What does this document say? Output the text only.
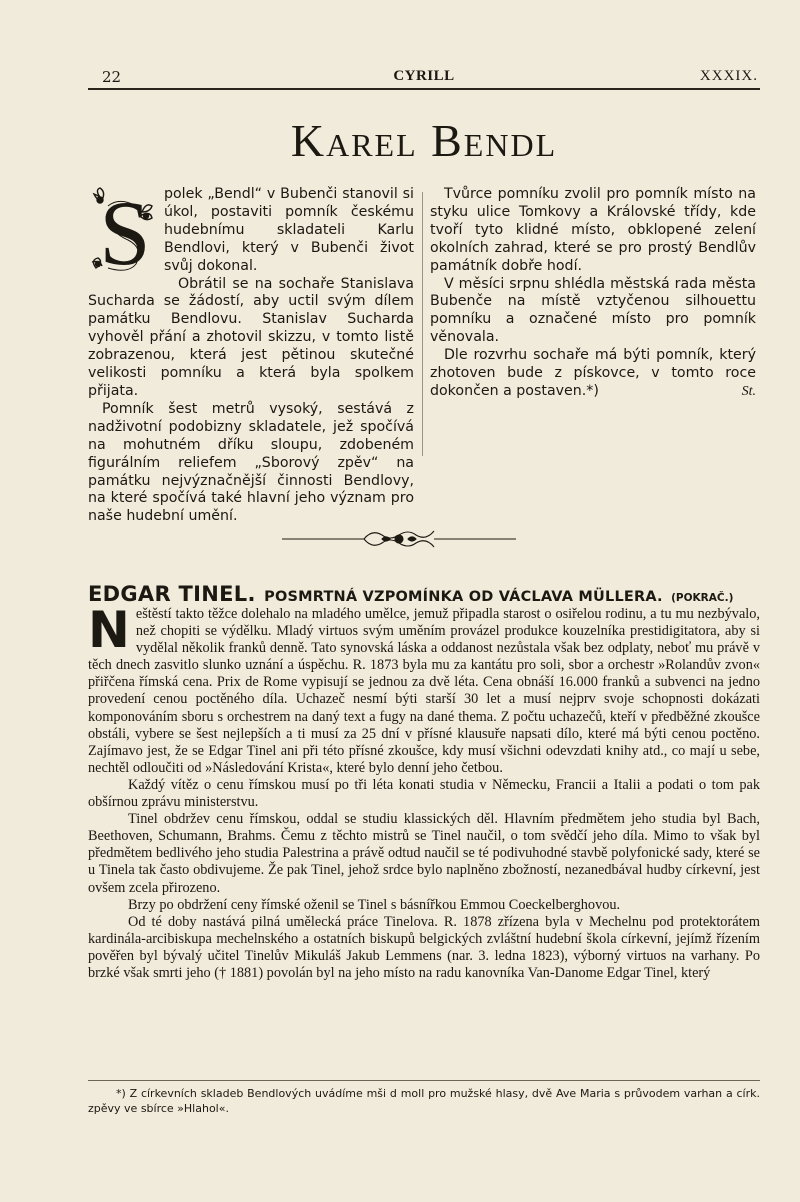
22	CYRILL	XXXIX.
Karel Bendl
S polek „Bendl“ v Bubenči stanovil si úkol, postaviti pomník českému hudebnímu skladateli Karlu Bendlovi, který v Bubenči život svůj dokonal.

Obrátil se na sochaře Stanislava Sucharda se žádostí, aby uctil svým dílem památku Bendlovu. Stanislav Suchardа vyhověl přání a zhotovil skizzu, v tomto listě zobrazenou, která jest pětinou skutečné velikosti pomníku a která byla spolkem přijata.

Pomník šest metrů vysoký, sestává z nadživotní podobizny skladatele, jež spočívá na mohutném dříku sloupu, zdobeném figurálním reliefem „Sborový zpěv“ na památku nejvýznačnější činnosti Bendlovy, na které spočívá také hlavní jeho význam pro naše hudební umění.

Tvůrce pomníku zvolil pro pomník místo na styku ulice Tomkovy a Královské třídy, kde tvoří tyto klidné místo, obklopené zelení okolních zahrad, které se pro prostý Bendlův památník dobře hodí.

V měsíci srpnu shlédla městská rada města Bubenče na místě vztyčenou silhouettu pomníku a označené místo pro pomník věnovala.

Dle rozvrhu sochaře má býti pomník, který zhotoven bude z pískovce, v tomto roce dokončen a postaven.*)	St.

EDGAR TINEL. POSMRTNÁ VZPOMÍNKA OD VÁCLAVA MÜLLERA. (POKRAČ.)

Neštěstí takto těžce dolehalo na mladého umělce, jemuž připadla starost o osiřelou rodinu, a tu mu nezbývalo, než chopiti se výdělku. Mladý virtuos svým uměním provázel produkce kouzelníka prestidigitatora, aby si vydělal několik franků denně. Tato synovská láska a oddanost nezůstala však bez odplaty, neboť mu právě v těch dnech zasvitlo slunko uznání a úspěchu. R. 1873 byla mu za kantátu pro soli, sbor a orchestr »Rolandův zvon« přiřčena římská cena. Prix de Rome vypisují se jednou za dvě léta. Cena obnáší 16.000 franků a subvenci na jedno provedení cenou poctěného díla. Uchazeč nesmí býti starší 30 let a musí nejprv svoje schopnosti dokázati komponováním sboru s orchestrem na daný text a fugy na dané thema. Z počtu uchazečů, kteří v předběžné zkoušce obstáli, vybere se šest nejlepších a ti musí za 25 dní v přísné klausuře napsati dílo, které má býti cenou poctěno. Zajímavo jest, že se Edgar Tinel ani při této přísné zkoušce, kdy musí všichni odevzdati knihy atd., co mají u sebe, nechtěl odloučiti od »Následování Krista«, které bylo denní jeho četbou.

Každý vítěz o cenu římskou musí po tři léta konati studia v Německu, Francii a Italii a podati o tom pak obšírnou zprávu ministerstvu.

Tinel obdržev cenu římskou, oddal se studiu klassických děl. Hlavním předmětem jeho studia byl Bach, Beethoven, Schumann, Brahms. Čemu z těchto mistrů se Tinel naučil, o tom svědčí jeho díla. Mimo to však byl předmětem bedlivého jeho studia Palestrina a právě odtud naučil se té podivuhodné stavbě polyfonické sady, které se u Tinela tak často obdivujeme. Že pak Tinel, jehož srdce bylo naplněno zbožností, nezanedbával hudby církevní, jest ovšem zcela přirozeno.

Brzy po obdržení ceny římské oženil se Tinel s básnířkou Emmou Coeckelberghovou.

Od té doby nastává pilná umělecká práce Tinelova. R. 1878 zřízena byla v Mechelnu pod protektorátem kardinála-arcibiskupa mechelnského a ostatních biskupů belgických zvláštní hudební škola církevní, jejímž řízením pověřen byl bývalý učitel Tinelův Mikuláš Jakub Lemmens (nar. 3. ledna 1823), výborný virtuos na varhany. Po brzké však smrti jeho († 1881) povolán byl na jeho místo na radu kanovníka Van-Danome Edgar Tinel, který

*) Z církevních skladeb Bendlových uvádíme mši d moll pro mužské hlasy, dvě Ave Maria s průvodem varhan a círk. zpěvy ve sbírce »Hlahol«.
